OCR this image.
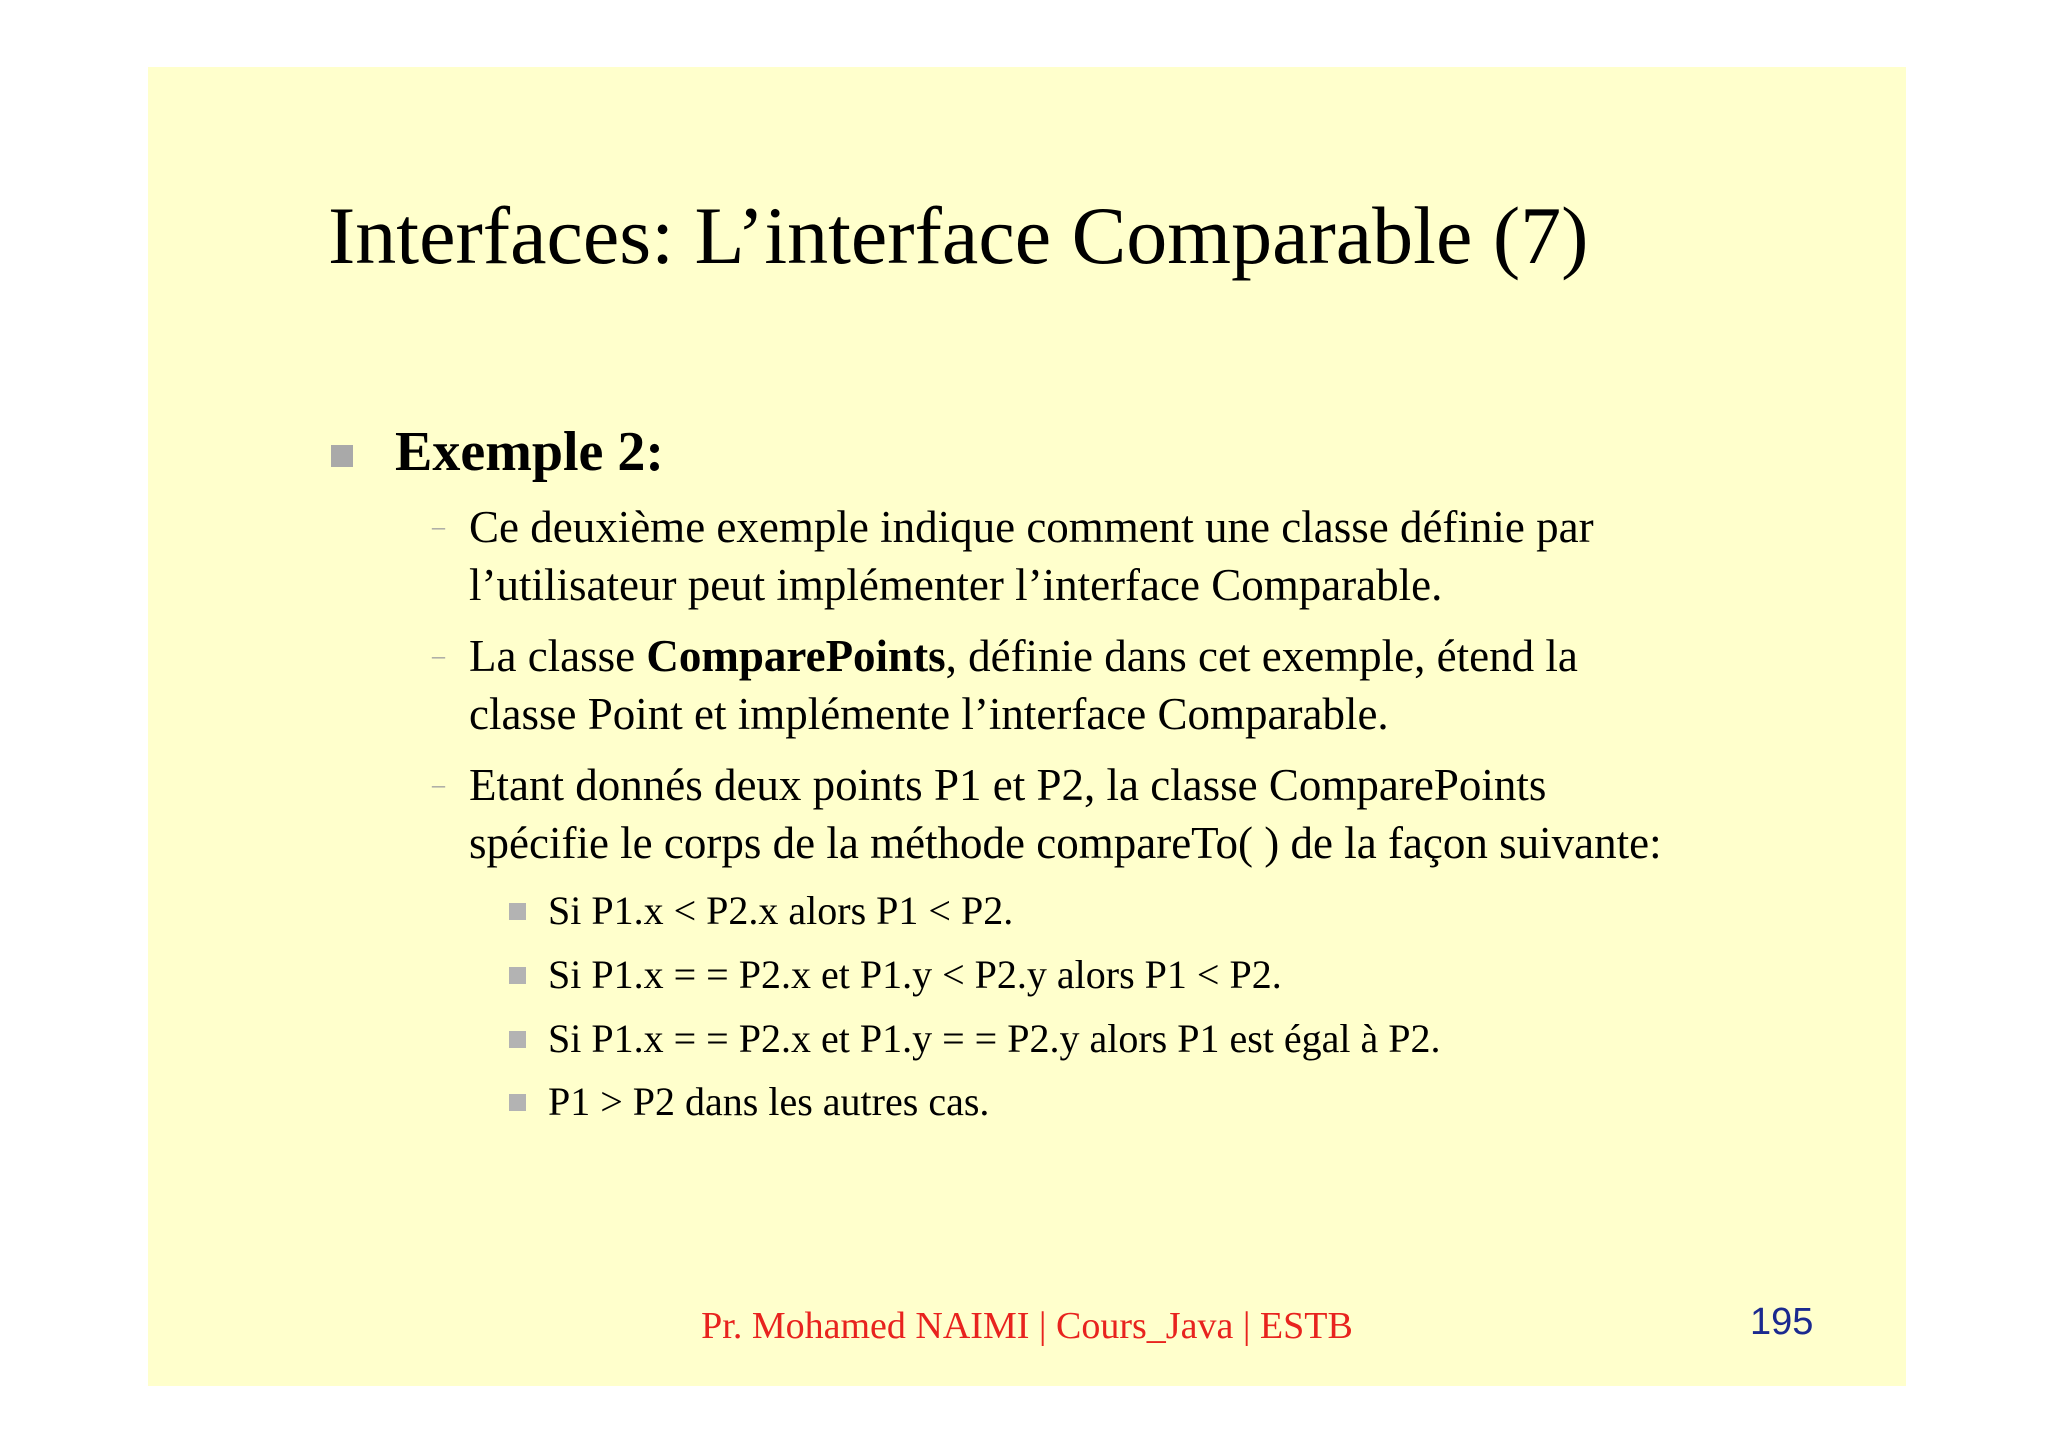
Interfaces: L’interface Comparable (7)
Exemple 2:
– Ce deuxième exemple indique comment une classe définie par
l’utilisateur peut implémenter l’interface Comparable.
– La classe ComparePoints, définie dans cet exemple, étend la
classe Point et implémente l’interface Comparable.
– Etant donnés deux points P1 et P2, la classe ComparePoints
spécifie le corps de la méthode compareTo( ) de la façon suivante:
Si P1.x < P2.x alors P1 < P2.
Si P1.x = = P2.x et P1.y < P2.y alors P1 < P2.
Si P1.x = = P2.x et P1.y = = P2.y alors P1 est égal à P2.
P1 > P2 dans les autres cas.
Pr. Mohamed NAIMI | Cours_Java | ESTB	195
